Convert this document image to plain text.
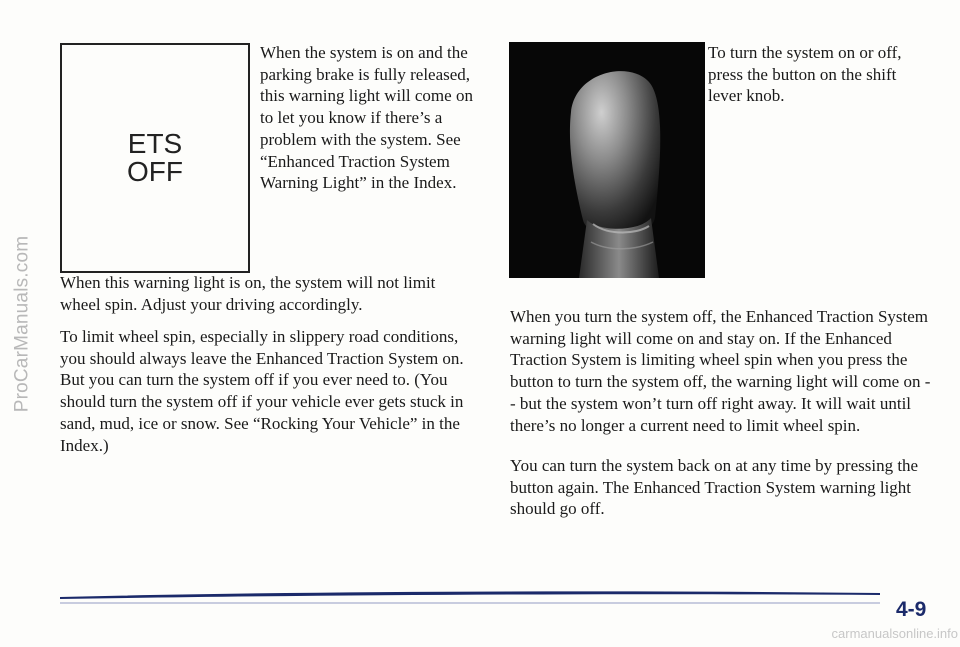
ProCarManuals.com
ETS
OFF

When the system is on and the parking brake is fully released, this warning light will come on to let you know if there’s a problem with the system. See “Enhanced Traction System Warning Light” in the Index.

When this warning light is on, the system will not limit wheel spin. Adjust your driving accordingly.

To limit wheel spin, especially in slippery road conditions, you should always leave the Enhanced Traction System on. But you can turn the system off if you ever need to. (You should turn the system off if your vehicle ever gets stuck in sand, mud, ice or snow. See “Rocking Your Vehicle” in the Index.)

To turn the system on or off, press the button on the shift lever knob.

When you turn the system off, the Enhanced Traction System warning light will come on and stay on. If the Enhanced Traction System is limiting wheel spin when you press the button to turn the system off, the warning light will come on -- but the system won’t turn off right away. It will wait until there’s no longer a current need to limit wheel spin.

You can turn the system back on at any time by pressing the button again. The Enhanced Traction System warning light should go off.

4-9
carmanualsonline.info
